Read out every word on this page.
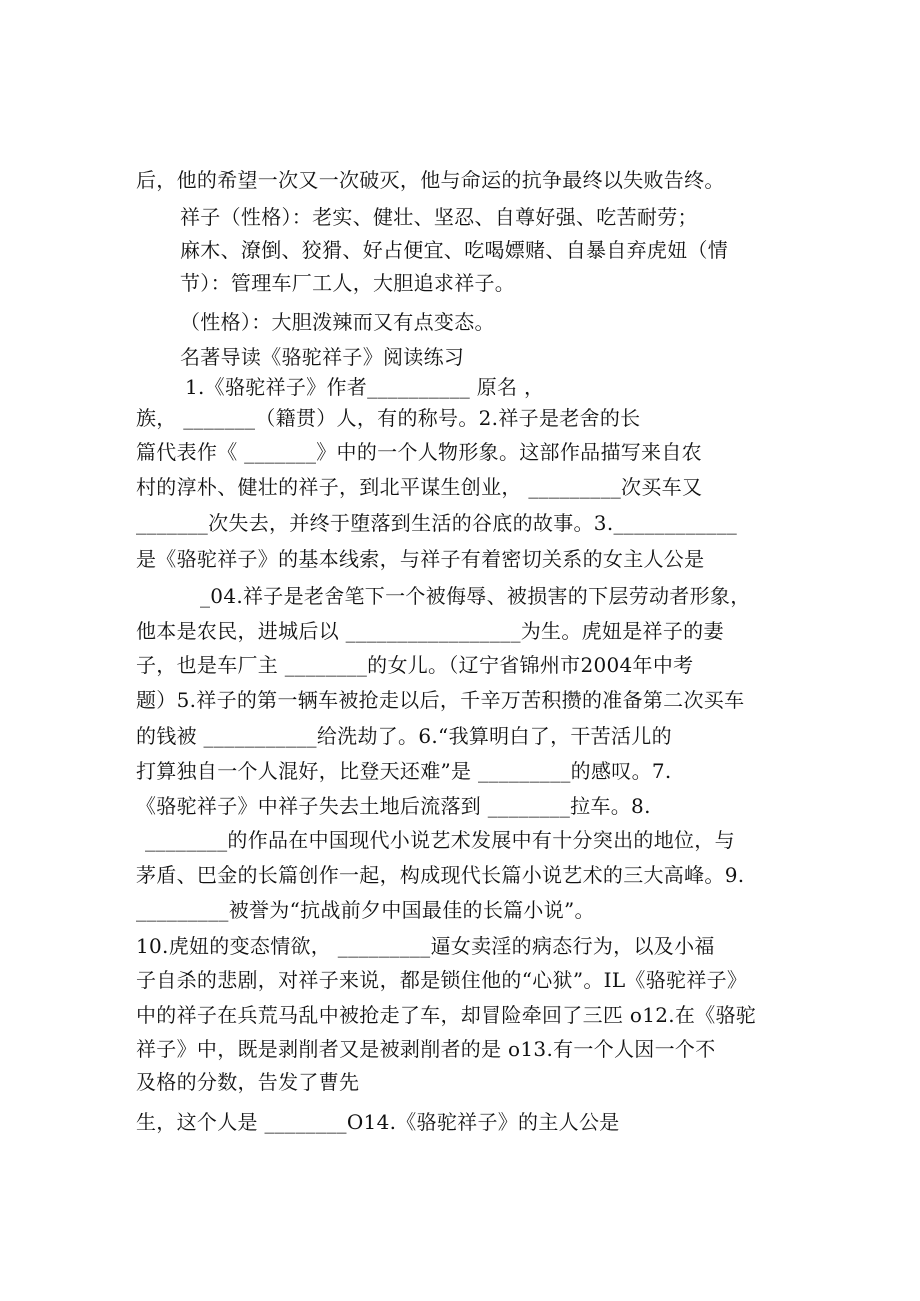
后，他的希望一次又一次破灭，他与命运的抗争最终以失败告终。
祥子（性格）：老实、健壮、坚忍、自尊好强、吃苦耐劳；
麻木、潦倒、狡猾、好占便宜、吃喝嫖赌、自暴自弃虎妞（情
节）：管理车厂工人，大胆追求祥子。
（性格）：大胆泼辣而又有点变态。
名著导读《骆驼祥子》阅读练习
1.《骆驼祥子》作者__________ 原名 ，
族， _______（籍贯）人，有的称号。2.祥子是老舍的长
篇代表作《 _______》中的一个人物形象。这部作品描写来自农
村的淳朴、健壮的祥子，到北平谋生创业， _________次买车又
_______次失去，并终于堕落到生活的谷底的故事。3.____________
是《骆驼祥子》的基本线索，与祥子有着密切关系的女主人公是
_04.祥子是老舍笔下一个被侮辱、被损害的下层劳动者形象，
他本是农民，进城后以 _________________为生。虎妞是祥子的妻
子，也是车厂主 ________的女儿。（辽宁省锦州市2004年中考
题）5.祥子的第一辆车被抢走以后，千辛万苦积攒的准备第二次买车
的钱被 ___________给洗劫了。6.“我算明白了，干苦活儿的
打算独自一个人混好，比登天还难”是 _________的感叹。7.
《骆驼祥子》中祥子失去土地后流落到 ________拉车。8.
________的作品在中国现代小说艺术发展中有十分突出的地位，与
茅盾、巴金的长篇创作一起，构成现代长篇小说艺术的三大高峰。9.
_________被誉为“抗战前夕中国最佳的长篇小说”。
10.虎妞的变态情欲， _________逼女卖淫的病态行为，以及小福
子自杀的悲剧，对祥子来说，都是锁住他的“心狱”。IL《骆驼祥子》
中的祥子在兵荒马乱中被抢走了车，却冒险牵回了三匹 o12.在《骆驼
祥子》中，既是剥削者又是被剥削者的是 o13.有一个人因一个不
及格的分数，告发了曹先
生，这个人是 ________O14.《骆驼祥子》的主人公是
